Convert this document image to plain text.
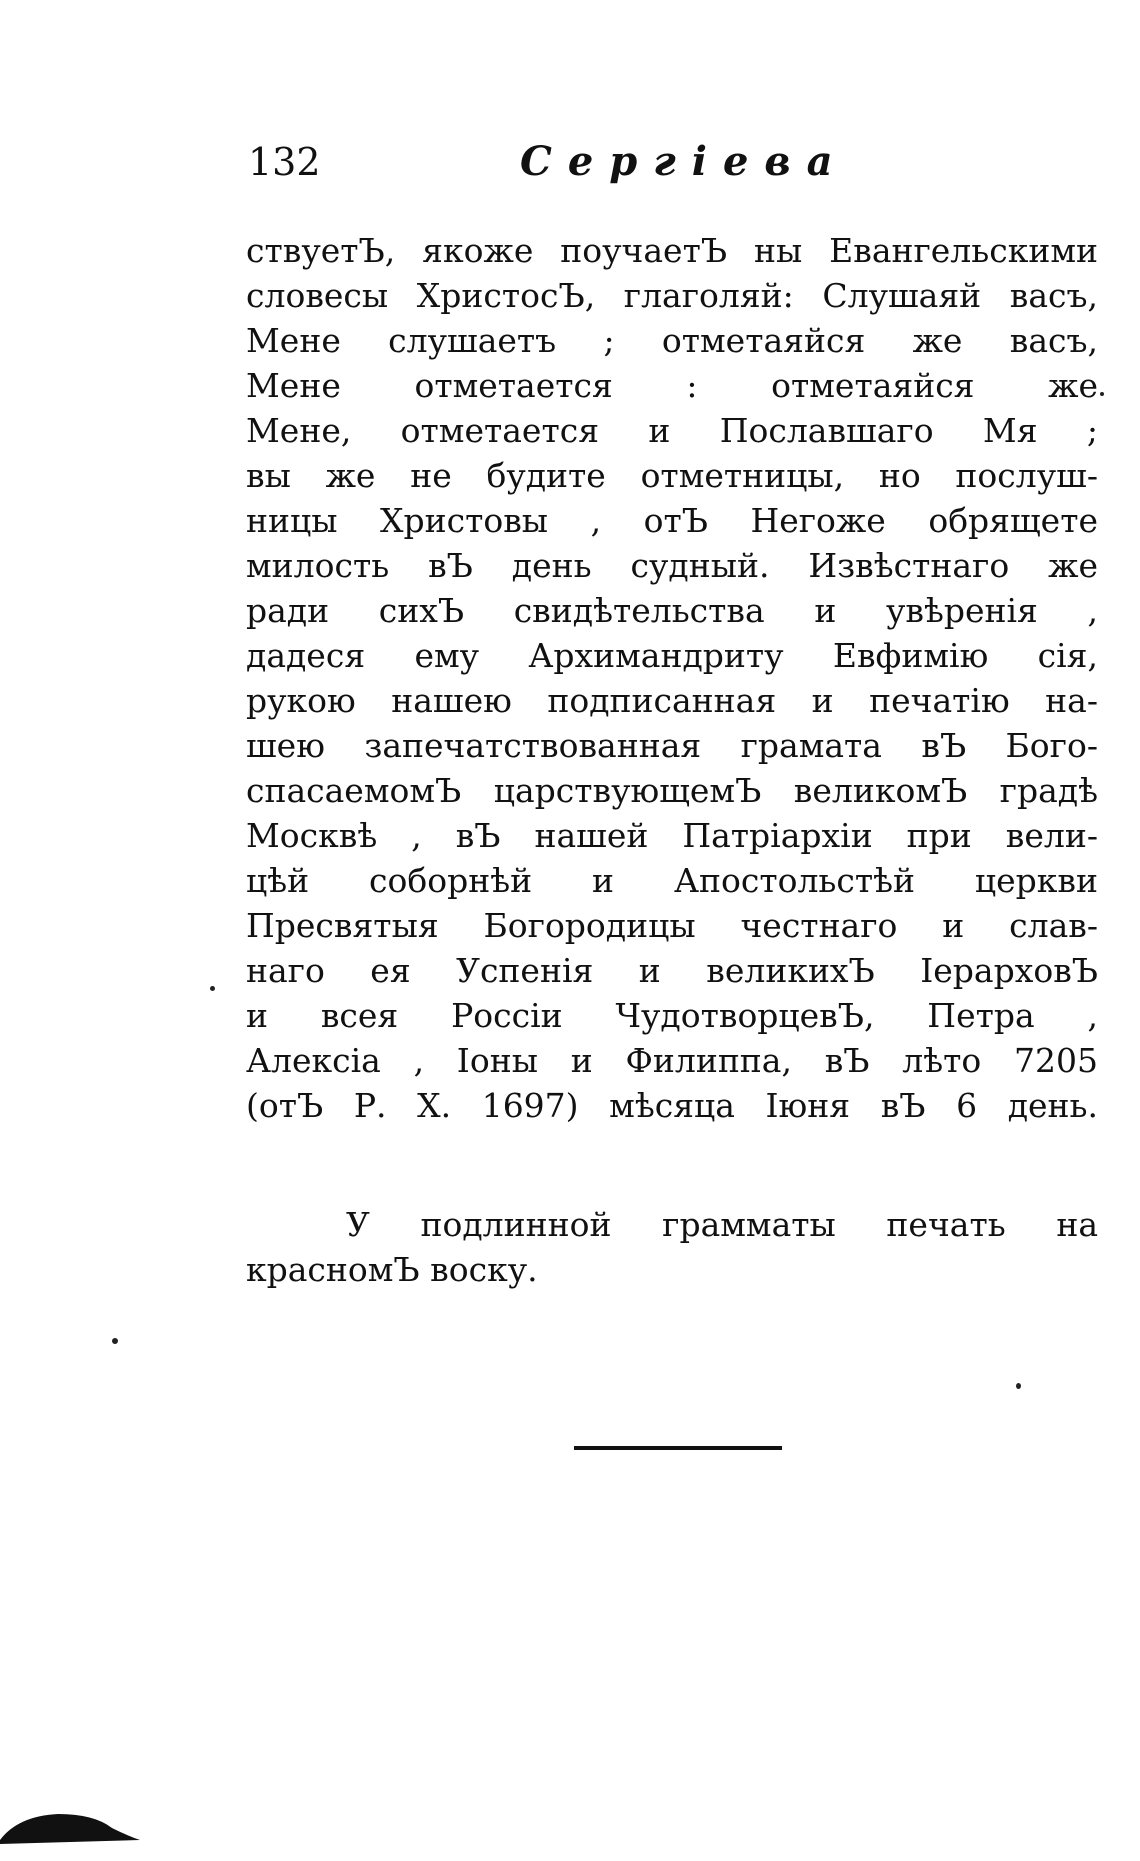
132	Сергiева
ствуетЪ, якоже поучаетЪ ны Евангельскими
словесы ХристосЪ, глаголяй: Слушаяй васъ,
Мене слушаетъ ; отметаяйся же васъ,
Мене отметается : отметаяйся же
Мене, отметается и Пославшаго Мя ;
вы же не будите отметницы, но послуш-
ницы Христовы , отЪ Негоже обрящете
милость вЪ день судный. Извѣстнаго же
ради сихЪ свидѣтельства и увѣренiя ,
дадеся ему Архимандриту Евфимiю сiя,
рукою нашею подписанная и печатiю на-
шею запечатствованная грамата вЪ Бого-
спасаемомЪ царствующемЪ великомЪ градѣ
Москвѣ , вЪ нашей Патрiархiи при вели-
цѣй соборнѣй и Апостольстѣй церкви
Пресвятыя Богородицы честнаго и слав-
наго ея Успенiя и великихЪ IерарховЪ
и всея Россiи ЧудотворцевЪ, Петра ,
Алексiа , Iоны и Филиппа, вЪ лѣто 7205
(отЪ Р. Х. 1697) мѣсяца Iюня вЪ 6 день.
У подлинной грамматы печать на
красномЪ воску.
